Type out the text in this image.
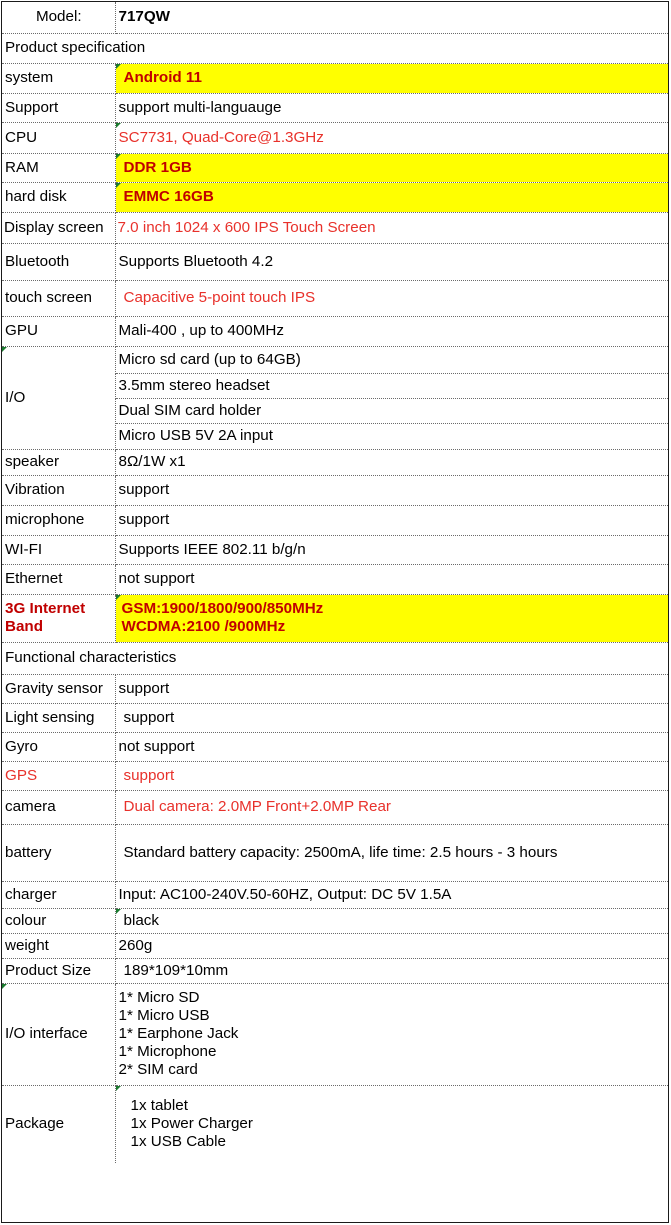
Model:	717QW
Product specification	
system	Android 11
Support	support multi-languauge
CPU	SC7731, Quad-Core@1.3GHz
RAM	DDR 1GB
hard disk	EMMC 16GB
Display screen	7.0 inch 1024 x 600 IPS Touch Screen
Bluetooth	Supports Bluetooth 4.2
touch screen	Capacitive 5-point touch IPS
GPU	Mali-400 , up to 400MHz
I/O	Micro sd card (up to 64GB)
	3.5mm stereo headset
	Dual SIM card holder
	Micro USB 5V 2A input
speaker	8Ω/1W x1
Vibration	support
microphone	support
WI-FI	Supports IEEE 802.11 b/g/n
Ethernet	not support

3G Internet
Band	GSM:1900/1800/900/850MHz
WCDMA:2100 /900MHz

Functional characteristics	
Gravity sensor	support
Light sensing	support
Gyro	not support
GPS	support
camera	Dual camera: 2.0MP Front+2.0MP Rear
battery	Standard battery capacity: 2500mA, life time: 2.5 hours - 3 hours
charger	Input: AC100-240V.50-60HZ, Output: DC 5V 1.5A
colour	black
weight	260g
Product Size	189*109*10mm
I/O interface	1* Micro SD
1* Micro USB
1* Earphone Jack
1* Microphone
2* SIM card

Package	1x tablet
1x Power Charger
1x USB Cable
